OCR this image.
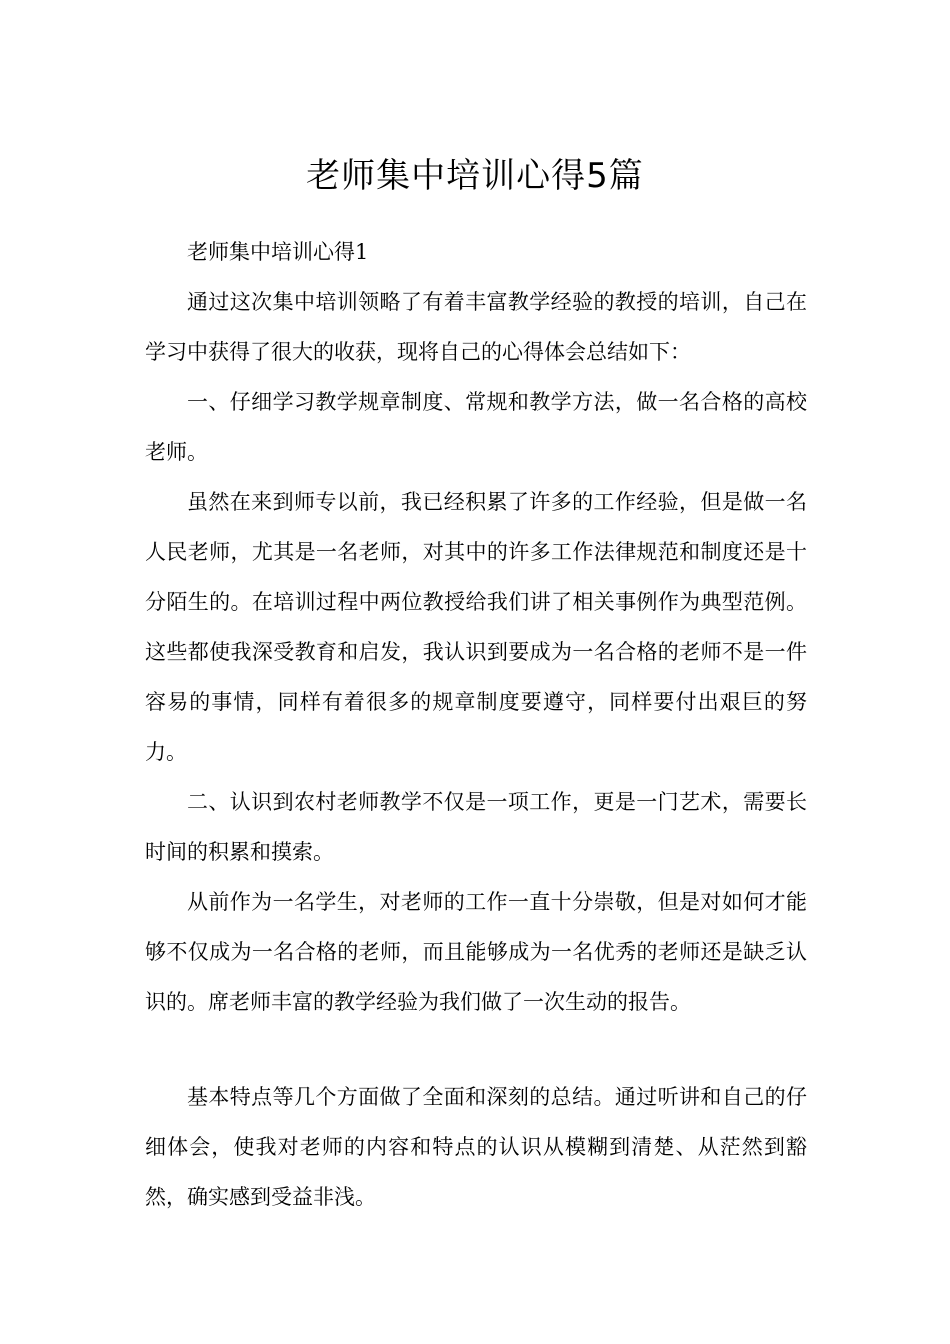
老师集中培训心得5篇

老师集中培训心得1

通过这次集中培训领略了有着丰富教学经验的教授的培训，自己在学习中获得了很大的收获，现将自己的心得体会总结如下：

一、仔细学习教学规章制度、常规和教学方法，做一名合格的高校老师。

虽然在来到师专以前，我已经积累了许多的工作经验，但是做一名人民老师，尤其是一名老师，对其中的许多工作法律规范和制度还是十分陌生的。在培训过程中两位教授给我们讲了相关事例作为典型范例。这些都使我深受教育和启发，我认识到要成为一名合格的老师不是一件容易的事情，同样有着很多的规章制度要遵守，同样要付出艰巨的努力。

二、认识到农村老师教学不仅是一项工作，更是一门艺术，需要长时间的积累和摸索。

从前作为一名学生，对老师的工作一直十分崇敬，但是对如何才能够不仅成为一名合格的老师，而且能够成为一名优秀的老师还是缺乏认识的。席老师丰富的教学经验为我们做了一次生动的报告。

基本特点等几个方面做了全面和深刻的总结。通过听讲和自己的仔细体会，使我对老师的内容和特点的认识从模糊到清楚、从茫然到豁然，确实感到受益非浅。
